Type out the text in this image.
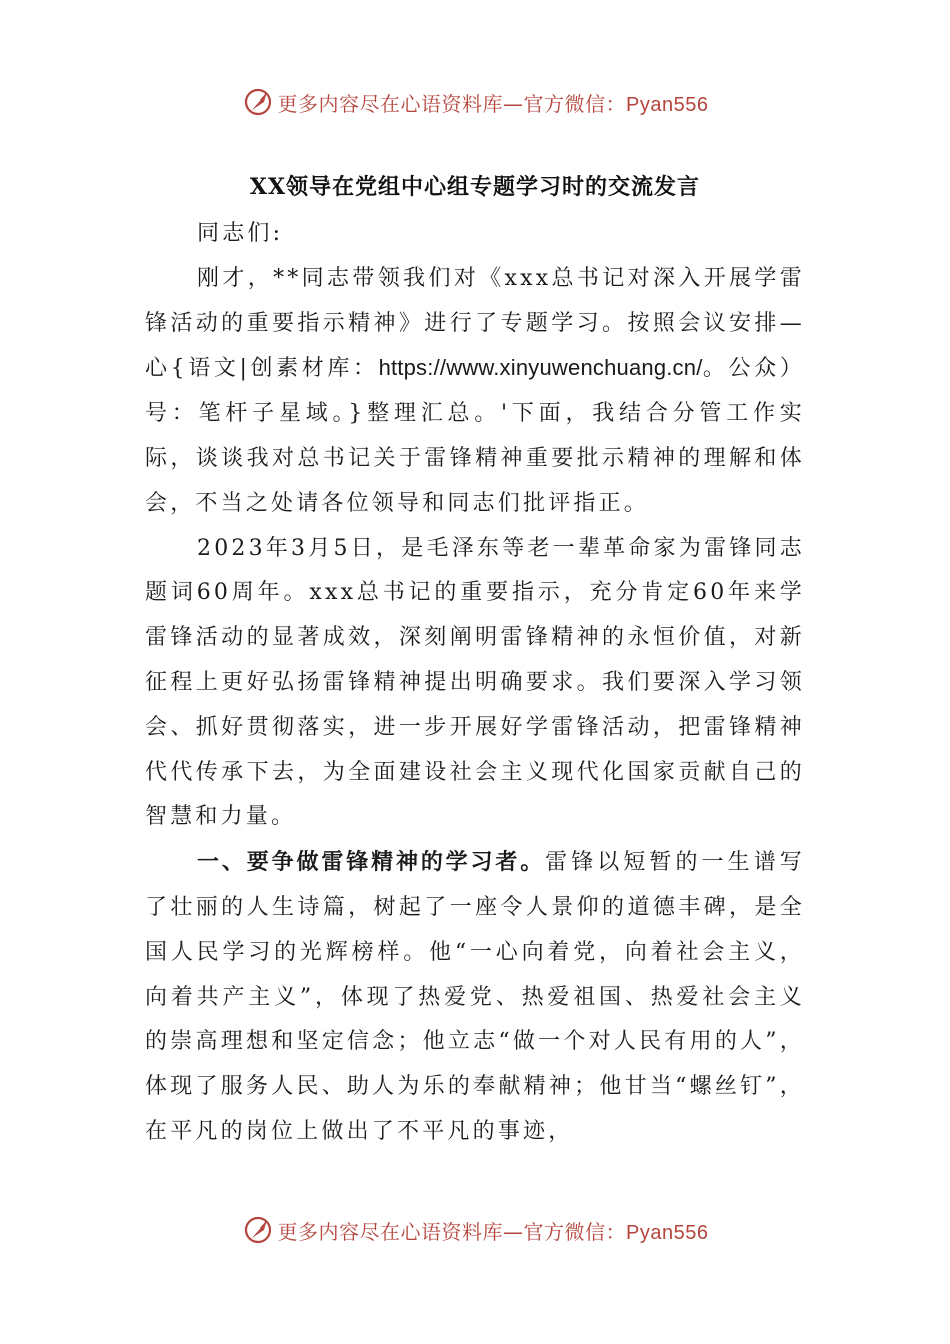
更多内容尽在心语资料库—官方微信：Pyan556
XX领导在党组中心组专题学习时的交流发言

同志们:

刚才，**同志带领我们对《xxx总书记对深入开展学雷锋活动的重要指示精神》进行了专题学习。按照会议安排—心{语文|创素材库：https://www.xinyuwenchuang.cn/。公众）号：笔杆子星域。}整理汇总。'下面，我结合分管工作实际，谈谈我对总书记关于雷锋精神重要批示精神的理解和体会，不当之处请各位领导和同志们批评指正。

2023年3月5日，是毛泽东等老一辈革命家为雷锋同志题词60周年。xxx总书记的重要指示，充分肯定60年来学雷锋活动的显著成效，深刻阐明雷锋精神的永恒价值，对新征程上更好弘扬雷锋精神提出明确要求。我们要深入学习领会、抓好贯彻落实，进一步开展好学雷锋活动，把雷锋精神代代传承下去，为全面建设社会主义现代化国家贡献自己的智慧和力量。

一、要争做雷锋精神的学习者。雷锋以短暂的一生谱写了壮丽的人生诗篇，树起了一座令人景仰的道德丰碑，是全国人民学习的光辉榜样。他“一心向着党，向着社会主义，向着共产主义”，体现了热爱党、热爱祖国、热爱社会主义的崇高理想和坚定信念；他立志“做一个对人民有用的人”，体现了服务人民、助人为乐的奉献精神；他甘当“螺丝钉”，在平凡的岗位上做出了不平凡的事迹，

更多内容尽在心语资料库—官方微信：Pyan556
